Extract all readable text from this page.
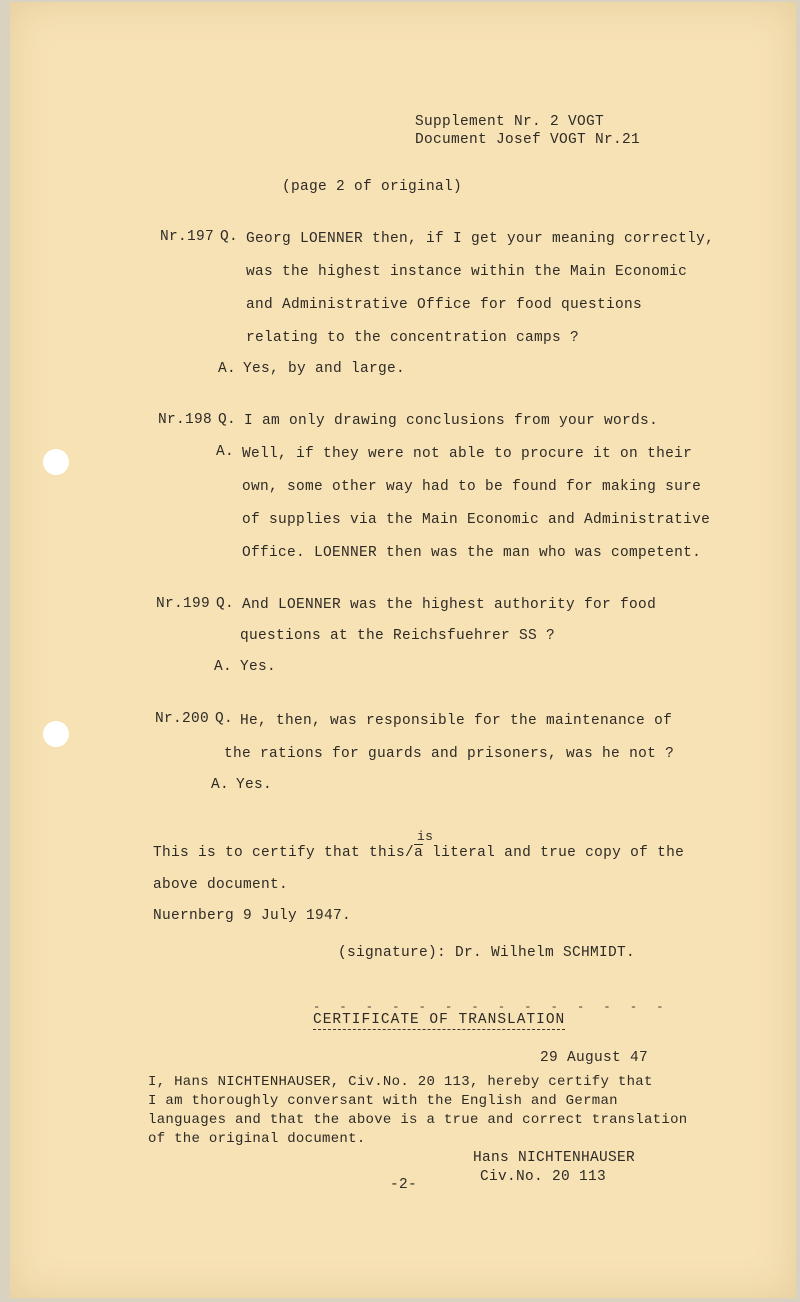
Supplement Nr. 2 VOGT
Document Josef VOGT Nr.21
(page 2 of original)
Nr.197 Q. Georg LOENNER then, if I get your meaning correctly,
was the highest instance within the Main Economic
and Administrative Office for food questions
relating to the concentration camps ?
A. Yes, by and large.
Nr.198 Q. I am only drawing conclusions from your words.
A. Well, if they were not able to procure it on their
own, some other way had to be found for making sure
of supplies via the Main Economic and Administrative
Office. LOENNER then was the man who was competent.
Nr.199 Q. And LOENNER was the highest authority for food
questions at the Reichsfuehrer SS ?
A. Yes.
Nr.200 Q. He, then, was responsible for the maintenance of
the rations for guards and prisoners, was he not ?
A. Yes.
This is to certify that this
is
$/\overline{a}$ literal and true copy of the
above document.
Nuernberg 9 July 1947.
(signature): Dr. Wilhelm SCHMIDT.
- - - - - - - - - - - - - -
CERTIFICATE OF TRANSLATION
29 August 47
I, Hans NICHTENHAUSER, Civ.No. 20 113, hereby certify that
I am thoroughly conversant with the English and German
languages and that the above is a true and correct translation
of the original document.
Hans NICHTENHAUSER
Civ.No. 20 113
-2-
